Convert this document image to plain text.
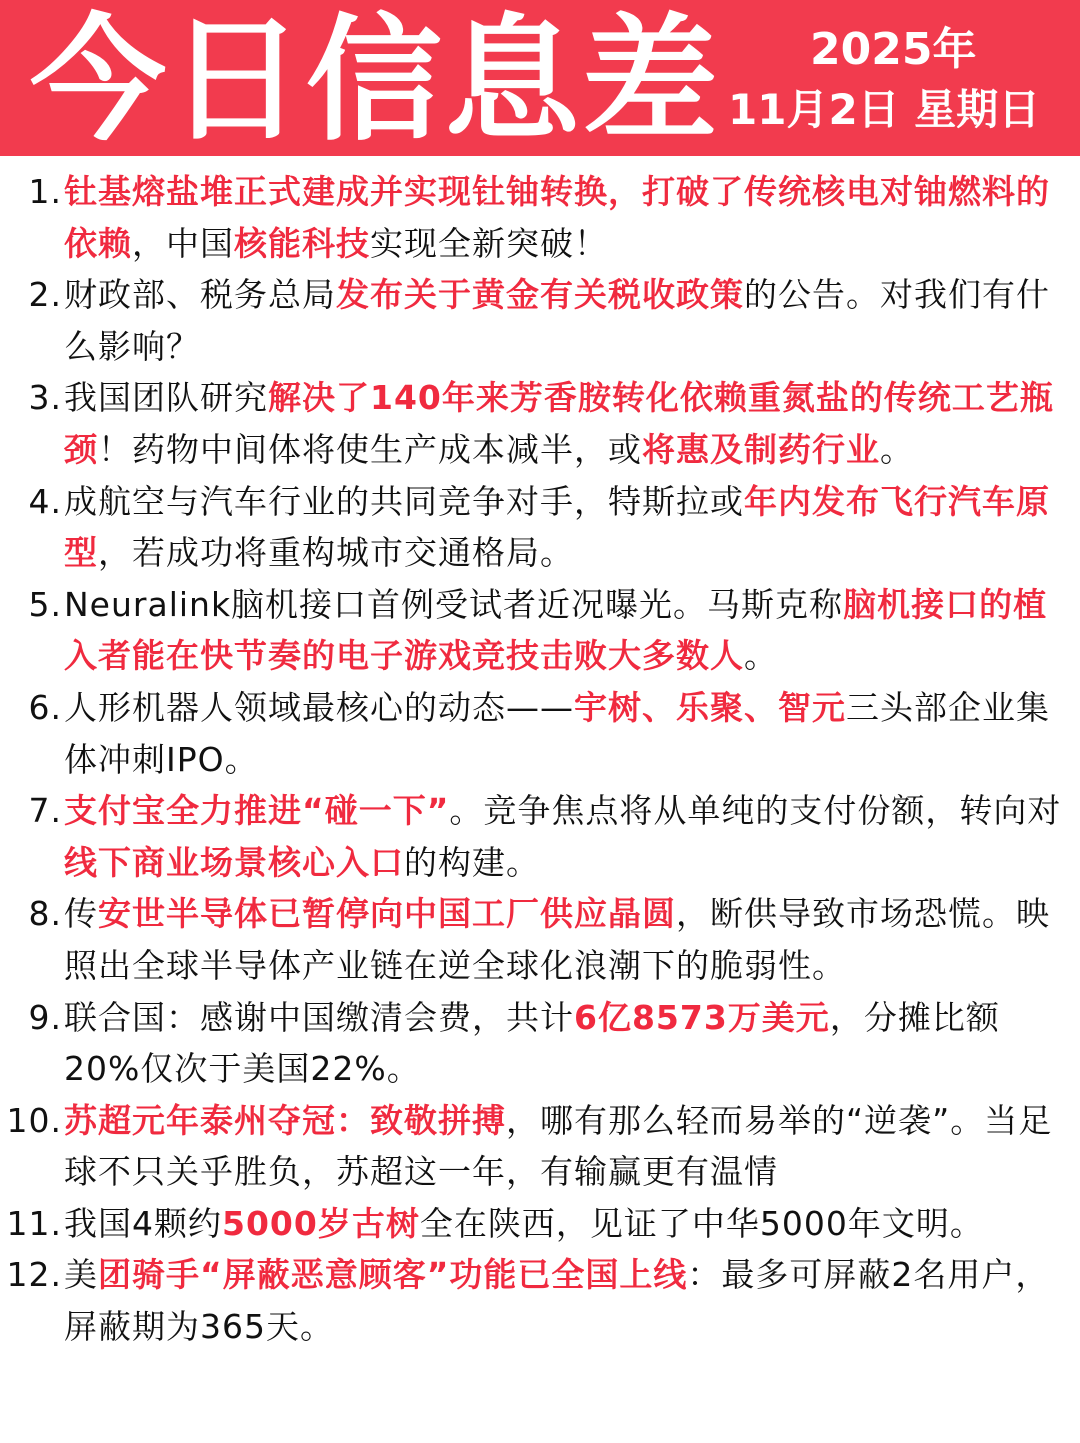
今日信息差 2025年
11月2日 星期日
1. 钍基熔盐堆正式建成并实现钍铀转换，打破了传统核电对铀燃料的依赖，中国核能科技实现全新突破！
2. 财政部、税务总局发布关于黄金有关税收政策的公告。对我们有什么影响？
3. 我国团队研究解决了140年来芳香胺转化依赖重氮盐的传统工艺瓶颈！药物中间体将使生产成本减半，或将惠及制药行业。
4. 成航空与汽车行业的共同竞争对手，特斯拉或年内发布飞行汽车原型，若成功将重构城市交通格局。
5. Neuralink脑机接口首例受试者近况曝光。马斯克称脑机接口的植入者能在快节奏的电子游戏竞技击败大多数人。
6. 人形机器人领域最核心的动态——宇树、乐聚、智元三头部企业集体冲刺IPO。
7. 支付宝全力推进“碰一下”。竞争焦点将从单纯的支付份额，转向对线下商业场景核心入口的构建。
8. 传安世半导体已暂停向中国工厂供应晶圆，断供导致市场恐慌。映照出全球半导体产业链在逆全球化浪潮下的脆弱性。
9. 联合国：感谢中国缴清会费，共计6亿8573万美元，分摊比额20%仅次于美国22%。
10. 苏超元年泰州夺冠：致敬拼搏，哪有那么轻而易举的“逆袭”。当足球不只关乎胜负，苏超这一年，有输赢更有温情
11. 我国4颗约5000岁古树全在陕西，见证了中华5000年文明。
12. 美团骑手“屏蔽恶意顾客”功能已全国上线：最多可屏蔽2名用户，屏蔽期为365天。
